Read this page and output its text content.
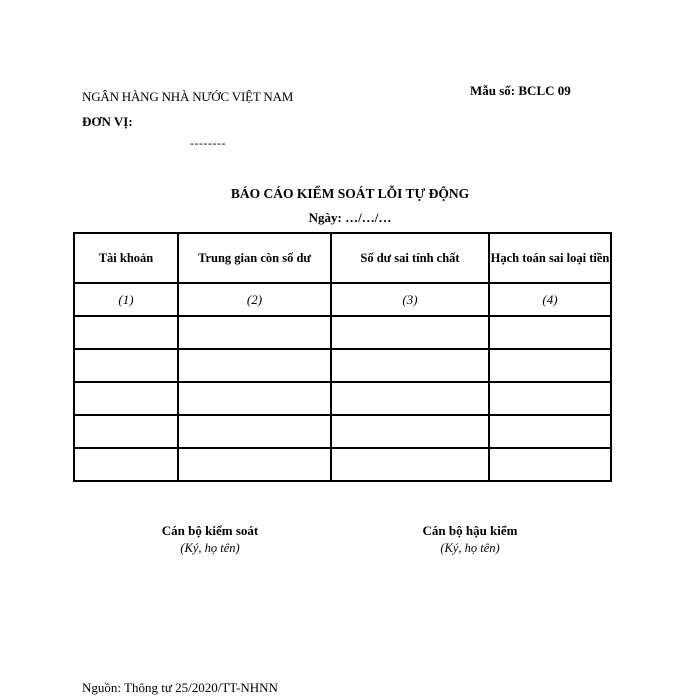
NGÂN HÀNG NHÀ NƯỚC VIỆT NAM
ĐƠN VỊ:
Mẫu số: BCLC 09
--------
BÁO CÁO KIỂM SOÁT LỖI TỰ ĐỘNG
Ngày: …/…/…
Tài khoản	Trung gian còn số dư	Số dư sai tính chất	Hạch toán sai loại tiền
(1)	(2)	(3)	(4)

Cán bộ kiểm soát
(Ký, họ tên)
Cán bộ hậu kiểm
(Ký, họ tên)
Nguồn: Thông tư 25/2020/TT-NHNN
